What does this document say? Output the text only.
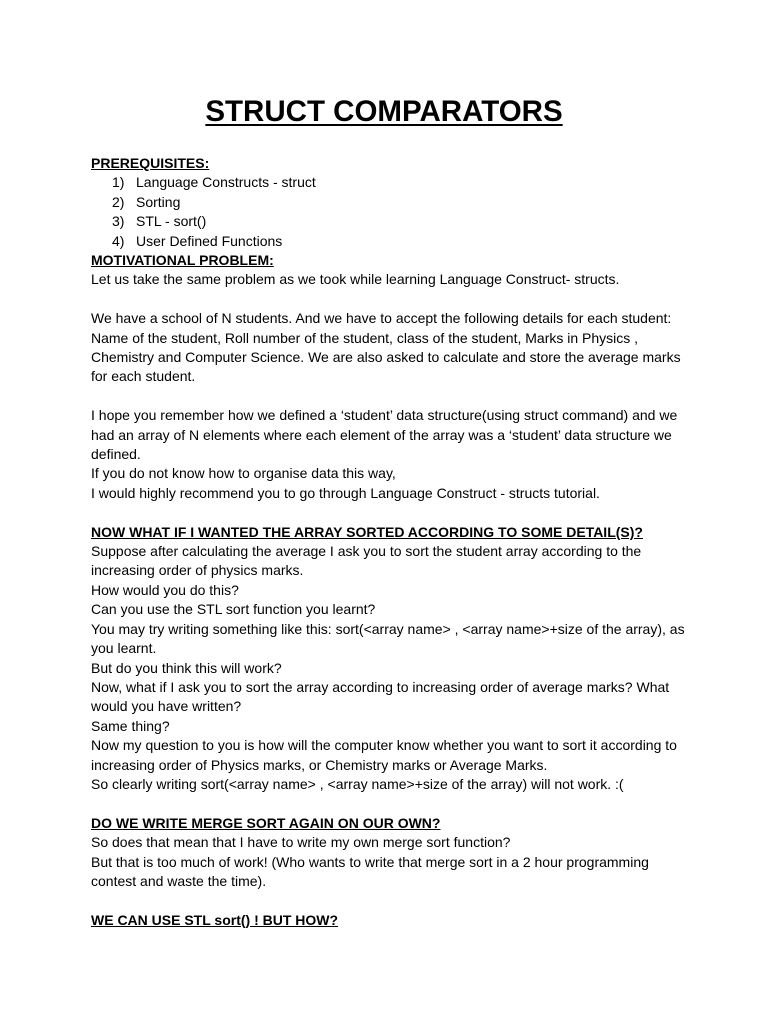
STRUCT COMPARATORS

PREREQUISITES:

1) Language Constructs - struct
2) Sorting
3) STL - sort()
4) User Defined Functions

MOTIVATIONAL PROBLEM:

Let us take the same problem as we took while learning Language Construct- structs.

We have a school of N students. And we have to accept the following details for each student: Name of the student, Roll number of the student, class of the student, Marks in Physics , Chemistry and Computer Science. We are also asked to calculate and store the average marks for each student.

I hope you remember how we defined a ‘student’ data structure(using struct command) and we had an array of N elements where each element of the array was a ‘student’ data structure we defined.

If you do not know how to organise data this way,

I would highly recommend you to go through Language Construct - structs tutorial.

NOW WHAT IF I WANTED THE ARRAY SORTED ACCORDING TO SOME DETAIL(S)?

Suppose after calculating the average I ask you to sort the student array according to the increasing order of physics marks.

How would you do this?

Can you use the STL sort function you learnt?

You may try writing something like this: sort(<array name> , <array name>+size of the array), as you learnt.

But do you think this will work?

Now, what if I ask you to sort the array according to increasing order of average marks? What would you have written?

Same thing?

Now my question to you is how will the computer know whether you want to sort it according to increasing order of Physics marks, or Chemistry marks or Average Marks.

So clearly writing sort(<array name> , <array name>+size of the array) will not work. :(

DO WE WRITE MERGE SORT AGAIN ON OUR OWN?

So does that mean that I have to write my own merge sort function?

But that is too much of work! (Who wants to write that merge sort in a 2 hour programming contest and waste the time).

WE CAN USE STL sort() ! BUT HOW?
